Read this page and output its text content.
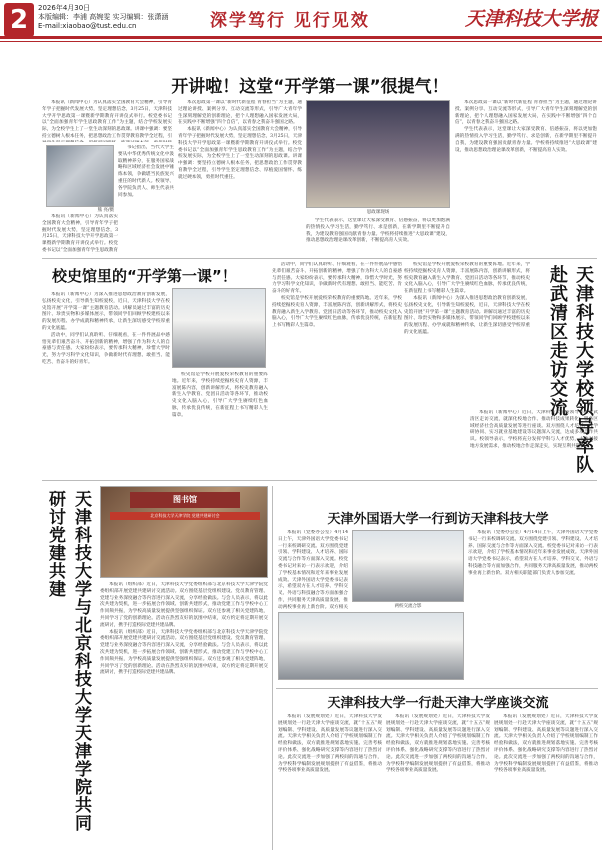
2	2026年4月30日
本版编辑：李浦 高婉雯 实习编辑：张潇涵
E-mail:xiaobao@tust.edu.cn	深学笃行 见行见效	天津科技大学报
开讲啦！这堂“开学第一课”很提气！
熊 亮/摄

本报讯（新闻中心）为认真落实全国教育大会精神，引导青年学子把握时代发展大势，坚定理想信念，3月25日，天津科技大学开学思政第一课暨新学期教育开讲仪式举行。校党委书记以“全面加强青年学生思政教育工作”为主题，结合学校发展实际，为全校学生上了一堂生动深刻的思政课。讲课中强调：要坚持立德树人根本任务，把思想政治工作贯穿教育教学全过程，引

书记指出，当代大学生要从中华优秀传统文化中汲取精神养分，在服务国家战略和区域经济社会发展中锤炼本领，争做堪当民族复兴重任的时代新人。校领导、各学院负责人、师生代表共同参加。

本报讯（新闻中心）为认真落实全国教育大会精神，引导青年学子把握时代发展大势，坚定理想信念，3月25日，天津科技大学开学思政第一课暨新学期教育开讲仪式举行。校党委书记以“全面加强青年学生思政教育

本次思政第一课以“新时代新征程 青春担当”为主题，通过理论讲授、案例分享、互动交流等形式，引导广大青年学生深刻理解党的创新理论，把个人理想融入国家发展大局，在实践中不断增强“四个自信”，以青春之我奋斗强国之路。

本报讯（新闻中心）为认真落实全国教育大会精神，引导青年学子把握时代发展大势，坚定理想信念，3月25日，天津科技大学开学思政第一课暨新学期教育开讲仪式举行。校党委书记以“全面加强青年学生思政教育工作”为主题，结合学校发展实际，为全校学生上了一堂生动深刻的思政课。讲课中强调：要坚持立德树人根本任务，把思想政治工作贯穿教育教学全过程，引导学生坚定理想信念、厚植爱国情怀、练就过硬本领，勇担时代重任。

思政课现场

学生代表表示，这堂课让大家深受教育、倍感振奋，将以更加饱满的热情投入学习生活，勤学笃行、求是创新，在新学期里不断提升自我，为建设教育强国贡献青春力量。学校将持续推进“大思政课”建设，推动思想政治理论课改革创新，不断提高育人实效。

本次思政第一课以“新时代新征程 青春担当”为主题，通过理论讲授、案例分享、互动交流等形式，引导广大青年学生深刻理解党的创新理论，把个人理想融入国家发展大局，在实践中不断增强“四个自信”，以青春之我奋斗强国之路。

学生代表表示，这堂课让大家深受教育、倍感振奋，将以更加饱满的热情投入学习生活，勤学笃行、求是创新，在新学期里不断提升自我，为建设教育强国贡献青春力量。学校将持续推进“大思政课”建设，推动思想政治理论课改革创新，不断提高育人实效。

校史馆里的“开学第一课”！

本报讯（新闻中心）为深入推进思想政治教育创新发展，弘扬校史文化，引导新生知校爱校，近日，天津科技大学在校史馆开展“开学第一课”主题教育活动。讲解员通过丰富的历史图片、珍贵实物和多媒体展示，带领同学们回顾学校建校以来的发展历程、办学成就和精神传承，让新生深切感受学校厚重的文化底蕴。

活动中，同学们认真聆听、仔细观看，在一件件展品中感悟先辈们艰苦奋斗、开拓创新的精神，增强了作为科大人的自豪感与责任感。大家纷纷表示，要传承科大精神，珍惜大学时光，努力学习科学文化知识，争做新时代有理想、敢担当、能吃苦、肯奋斗的好青年。

活动中，同学们认真聆听、仔细观看，在一件件展品中感悟先辈们艰苦奋斗、开拓创新的精神，增强了作为科大人的自豪感与责任感。大家纷纷表示，要传承科大精神，珍惜大学时光，努力学习科学文化知识，争做新时代有理想、敢担当、能吃苦、肯奋斗的好青年。

校史馆是学校开展爱校荣校教育的重要阵地。近年来，学校持续挖掘校史育人资源，丰富展陈内容，创新讲解形式，将校史教育融入新生入学教育、党团日活动等各环节，推动校史文化入脑入心，引导广大学生赓续红色血脉，传承优良传统，在新征程上书写精彩人生篇章。

校史馆是学校开展爱校荣校教育的重要阵地。近年来，学校持续挖掘校史育人资源，丰富展陈内容，创新讲解形式，将校史教育融入新生入学教育、党团日活动等各环节，推动校史文化入脑入心，引导广大学生赓续红色血脉，传承优良传统，在新征程上书写精彩人生篇章。

本报讯（新闻中心）为深入推进思想政治教育创新发展，弘扬校史文化，引导新生知校爱校，近日，天津科技大学在校史馆开展“开学第一课”主题教育活动。讲解员通过丰富的历史图片、珍贵实物和多媒体展示，带领同学们回顾学校建校以来的发展历程、办学成就和精神传承，让新生深切感受学校厚重的文化底蕴。

校史馆是学校开展爱校荣校教育的重要阵地。近年来，学校持续挖掘校史育人资源，丰富展陈内容，创新讲解形式，将校史教育融入新生入学教育、党团日活动等各环节，推动校史文化入脑入心，引导广大学生赓续红色血脉，传承优良传统，在新征程上书写精彩人生篇章。	天津科技大学校领导率队赴武清区走访交流

本报讯（新闻中心）近日，天津科技大学校领导率队赴武清区走访交流，就深化校地合作、推动科技成果转化、服务区域经济社会高质量发展等进行座谈。双方围绕人才培养、产学研协同、实习就业基地建设等议题深入交流，达成多项合作共识。校领导表示，学校将充分发挥学科与人才优势，主动对接地方发展需求，推动校地合作走深走实，实现互利共赢。

图书馆
北京科技大学天津学院 党建共建研讨会
天津科技大学与北京科技大学天津学院共同研讨党建共建	本报讯（组织部）近日，天津科技大学党委组织部与北京科技大学天津学院党委组织部开展党建共建研讨交流活动。双方围绕基层党组织建设、党员教育管理、党建与业务深度融合等内容进行深入交流，分享经验做法。与会人员表示，将以此次共建为契机，进一步拓展合作领域、创新共建形式，推动党建工作与学校中心工作同频共振，为学校高质量发展提供坚强组织保证。双方还参观了相关党建阵地，共同学习了党的创新理论。活动在热烈友好的氛围中结束，双方约定将定期开展交流研讨，携手打造校际党建共建品牌。

本报讯（组织部）近日，天津科技大学党委组织部与北京科技大学天津学院党委组织部开展党建共建研讨交流活动。双方围绕基层党组织建设、党员教育管理、党建与业务深度融合等内容进行深入交流，分享经验做法。与会人员表示，将以此次共建为契机，进一步拓展合作领域、创新共建形式，推动党建工作与学校中心工作同频共振，为学校高质量发展提供坚强组织保证。双方还参观了相关党建阵地，共同学习了党的创新理论。活动在热烈友好的氛围中结束，双方约定将定期开展交流研讨，携手打造校际党建共建品牌。

天津外国语大学一行到访天津科技大学

本报讯（党委办公室）4月14日上午，天津外国语大学党委书记一行来校调研交流。双方围绕党建引领、学科建设、人才培养、国际交流与合作等方面深入交流。校党委书记对来访一行表示欢迎，介绍了学校基本情况和近年来事业发展成效。天津外国语大学党委书记表示，希望双方在人才培养、学科交叉、外语与科技融合等方面加强合作，共同服务天津高质量发展，推动两校事业再上新台阶。双方相关

本报讯（党委办公室）4月14日上午，天津外国语大学党委书记一行来校调研交流。双方围绕党建引领、学科建设、人才培养、国际交流与合作等方面深入交流。校党委书记对来访一行表示欢迎，介绍了学校基本情况和近年来事业发展成效。天津外国语大学党委书记表示，希望双方在人才培养、学科交叉、外语与科技融合等方面加强合作，共同服务天津高质量发展，推动两校事业再上新台阶。双方相关职能部门负责人参加交流。

两校交流合影
天津科技大学一行赴天津大学座谈交流

本报讯（发展规划处）近日，天津科技大学发展规划处一行赴天津大学座谈交流，就“十五五”规划编制、学科建设、高质量发展等议题进行深入交流。天津大学相关负责人介绍了学校规划编制工作经验和做法，双方就推进规划落地实施、完善考核评价体系、强化战略研究支撑等内容进行了热烈讨论。此次交流进一步加强了两校间的沟通与合作，为学校科学编制发展规划提供了有益借鉴，将推动学校各项事业高质量发展。

本报讯（发展规划处）近日，天津科技大学发展规划处一行赴天津大学座谈交流，就“十五五”规划编制、学科建设、高质量发展等议题进行深入交流。天津大学相关负责人介绍了学校规划编制工作经验和做法，双方就推进规划落地实施、完善考核评价体系、强化战略研究支撑等内容进行了热烈讨论。此次交流进一步加强了两校间的沟通与合作，为学校科学编制发展规划提供了有益借鉴，将推动学校各项事业高质量发展。

本报讯（发展规划处）近日，天津科技大学发展规划处一行赴天津大学座谈交流，就“十五五”规划编制、学科建设、高质量发展等议题进行深入交流。天津大学相关负责人介绍了学校规划编制工作经验和做法，双方就推进规划落地实施、完善考核评价体系、强化战略研究支撑等内容进行了热烈讨论。此次交流进一步加强了两校间的沟通与合作，为学校科学编制发展规划提供了有益借鉴，将推动学校各项事业高质量发展。
